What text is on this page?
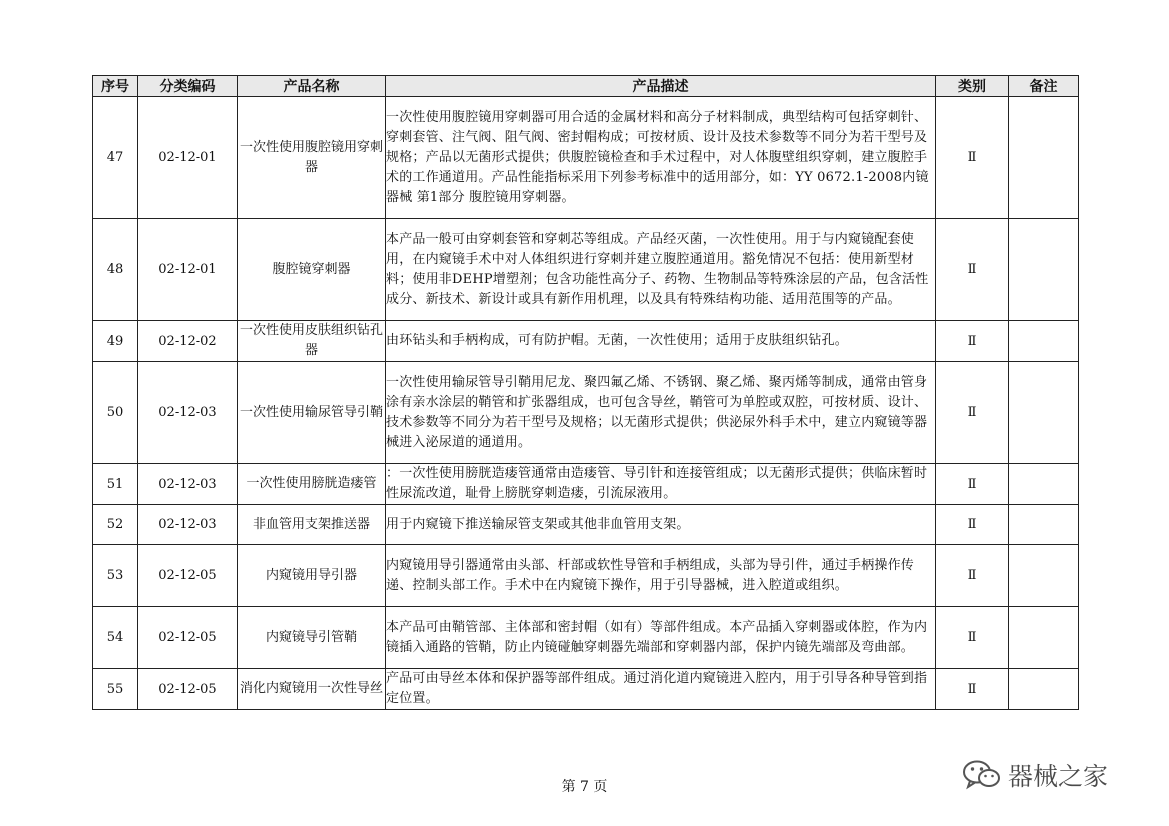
序号	分类编码	产品名称	产品描述	类别	备注
47	02-12-01	一次性使用腹腔镜用穿刺器	一次性使用腹腔镜用穿刺器可用合适的金属材料和高分子材料制成，典型结构可包括穿刺针、穿刺套管、注气阀、阻气阀、密封帽构成；可按材质、设计及技术参数等不同分为若干型号及规格；产品以无菌形式提供；供腹腔镜检查和手术过程中，对人体腹壁组织穿刺，建立腹腔手术的工作通道用。产品性能指标采用下列参考标准中的适用部分，如：YY 0672.1-2008内镜器械 第1部分 腹腔镜用穿刺器。	Ⅱ	
48	02-12-01	腹腔镜穿刺器	本产品一般可由穿刺套管和穿刺芯等组成。产品经灭菌，一次性使用。用于与内窥镜配套使用，在内窥镜手术中对人体组织进行穿刺并建立腹腔通道用。豁免情况不包括：使用新型材料；使用非DEHP增塑剂；包含功能性高分子、药物、生物制品等特殊涂层的产品，包含活性成分、新技术、新设计或具有新作用机理，以及具有特殊结构功能、适用范围等的产品。	Ⅱ	
49	02-12-02	一次性使用皮肤组织钻孔器	由环钻头和手柄构成，可有防护帽。无菌，一次性使用；适用于皮肤组织钻孔。	Ⅱ	
50	02-12-03	一次性使用输尿管导引鞘	一次性使用输尿管导引鞘用尼龙、聚四氟乙烯、不锈钢、聚乙烯、聚丙烯等制成，通常由管身涂有亲水涂层的鞘管和扩张器组成，也可包含导丝，鞘管可为单腔或双腔，可按材质、设计、技术参数等不同分为若干型号及规格；以无菌形式提供；供泌尿外科手术中，建立内窥镜等器械进入泌尿道的通道用。	Ⅱ	
51	02-12-03	一次性使用膀胱造瘘管	：一次性使用膀胱造瘘管通常由造瘘管、导引针和连接管组成；以无菌形式提供；供临床暂时性尿流改道，耻骨上膀胱穿刺造瘘，引流尿液用。	Ⅱ	
52	02-12-03	非血管用支架推送器	用于内窥镜下推送输尿管支架或其他非血管用支架。	Ⅱ	
53	02-12-05	内窥镜用导引器	内窥镜用导引器通常由头部、杆部或软性导管和手柄组成，头部为导引件，通过手柄操作传递、控制头部工作。手术中在内窥镜下操作，用于引导器械，进入腔道或组织。	Ⅱ	
54	02-12-05	内窥镜导引管鞘	本产品可由鞘管部、主体部和密封帽（如有）等部件组成。本产品插入穿刺器或体腔，作为内镜插入通路的管鞘，防止内镜碰触穿刺器先端部和穿刺器内部，保护内镜先端部及弯曲部。	Ⅱ	
55	02-12-05	消化内窥镜用一次性导丝	产品可由导丝本体和保护器等部件组成。通过消化道内窥镜进入腔内，用于引导各种导管到指定位置。	Ⅱ	
第 7 页	器械之家
